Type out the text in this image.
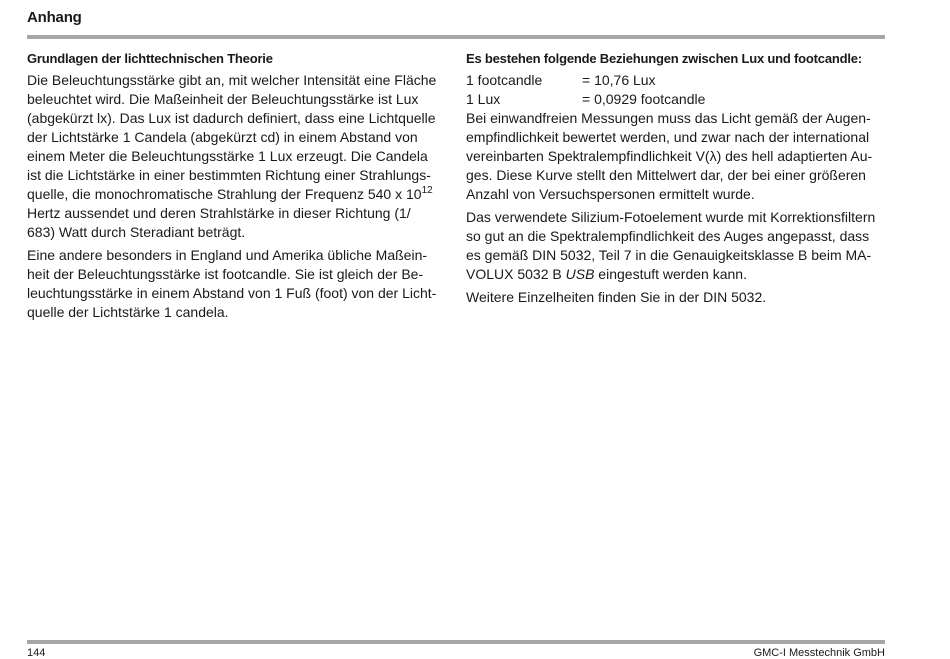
Anhang
Grundlagen der lichttechnischen Theorie
Die Beleuchtungsstärke gibt an, mit welcher Intensität eine Fläche
beleuchtet wird. Die Maßeinheit der Beleuchtungsstärke ist Lux
(abgekürzt lx). Das Lux ist dadurch definiert, dass eine Lichtquelle
der Lichtstärke 1 Candela (abgekürzt cd) in einem Abstand von
einem Meter die Beleuchtungsstärke 1 Lux erzeugt. Die Candela
ist die Lichtstärke in einer bestimmten Richtung einer Strahlungs-
quelle, die monochromatische Strahlung der Frequenz 540 x $10^{12}$
Hertz aussendet und deren Strahlstärke in dieser Richtung (1/
683) Watt durch Steradiant beträgt.
Eine andere besonders in England und Amerika übliche Maßein-
heit der Beleuchtungsstärke ist footcandle. Sie ist gleich der Be-
leuchtungsstärke in einem Abstand von 1 Fuß (foot) von der Licht-
quelle der Lichtstärke 1 candela.
Es bestehen folgende Beziehungen zwischen Lux und footcandle:
1 footcandle	= 10,76 Lux
1 Lux	= 0,0929 footcandle
Bei einwandfreien Messungen muss das Licht gemäß der Augen-
empfindlichkeit bewertet werden, und zwar nach der international
vereinbarten Spektralempfindlichkeit V(λ) des hell adaptierten Au-
ges. Diese Kurve stellt den Mittelwert dar, der bei einer größeren
Anzahl von Versuchspersonen ermittelt wurde.
Das verwendete Silizium-Fotoelement wurde mit Korrektionsfiltern
so gut an die Spektralempfindlichkeit des Auges angepasst, dass
es gemäß DIN 5032, Teil 7 in die Genauigkeitsklasse B beim MA-
VOLUX 5032 B USB eingestuft werden kann.
Weitere Einzelheiten finden Sie in der DIN 5032.
144	GMC-I Messtechnik GmbH
